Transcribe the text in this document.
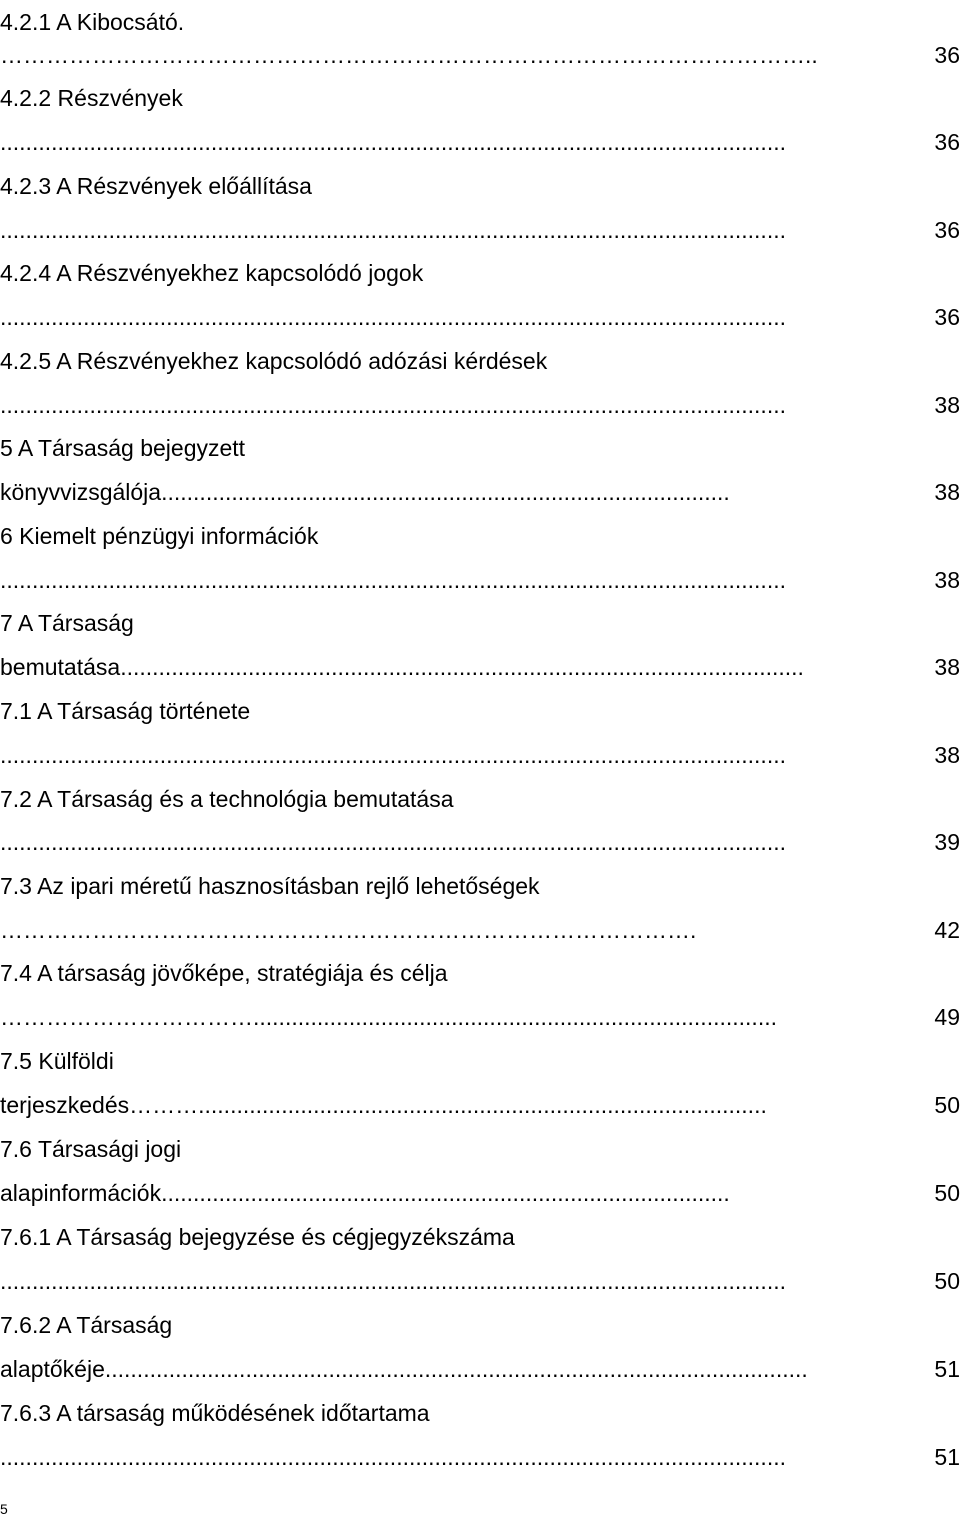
4.2.1 A Kibocsátó.
……………………………………………………………………………………………..	36
4.2.2 Részvények
...........................................................................................................................	36
4.2.3 A Részvények előállítása
...........................................................................................................................	36
4.2.4 A Részvényekhez kapcsolódó jogok
...........................................................................................................................	36
4.2.5 A Részvényekhez kapcsolódó adózási kérdések
...........................................................................................................................	38
5 A Társaság bejegyzett
könyvvizsgálója .........................................................................................	38
6 Kiemelt pénzügyi információk
...........................................................................................................................	38
7 A Társaság
bemutatása ...........................................................................................................	38
7.1 A Társaság története
...........................................................................................................................	38
7.2 A Társaság és a technológia bemutatása
...........................................................................................................................	39
7.3 Az ipari méretű hasznosításban rejlő lehetőségek
……………………………………………………………………………….	42
7.4 A társaság jövőképe, stratégiája és célja
……………………………..................................................................................	49
7.5 Külföldi
terjeszkedés ……….........................................................................................	50
7.6 Társasági jogi
alapinformációk .........................................................................................	50
7.6.1 A Társaság bejegyzése és cégjegyzékszáma
...........................................................................................................................	50
7.6.2 A Társaság
alaptőkéje ..............................................................................................................	51
7.6.3 A társaság működésének időtartama
...........................................................................................................................	51
5
